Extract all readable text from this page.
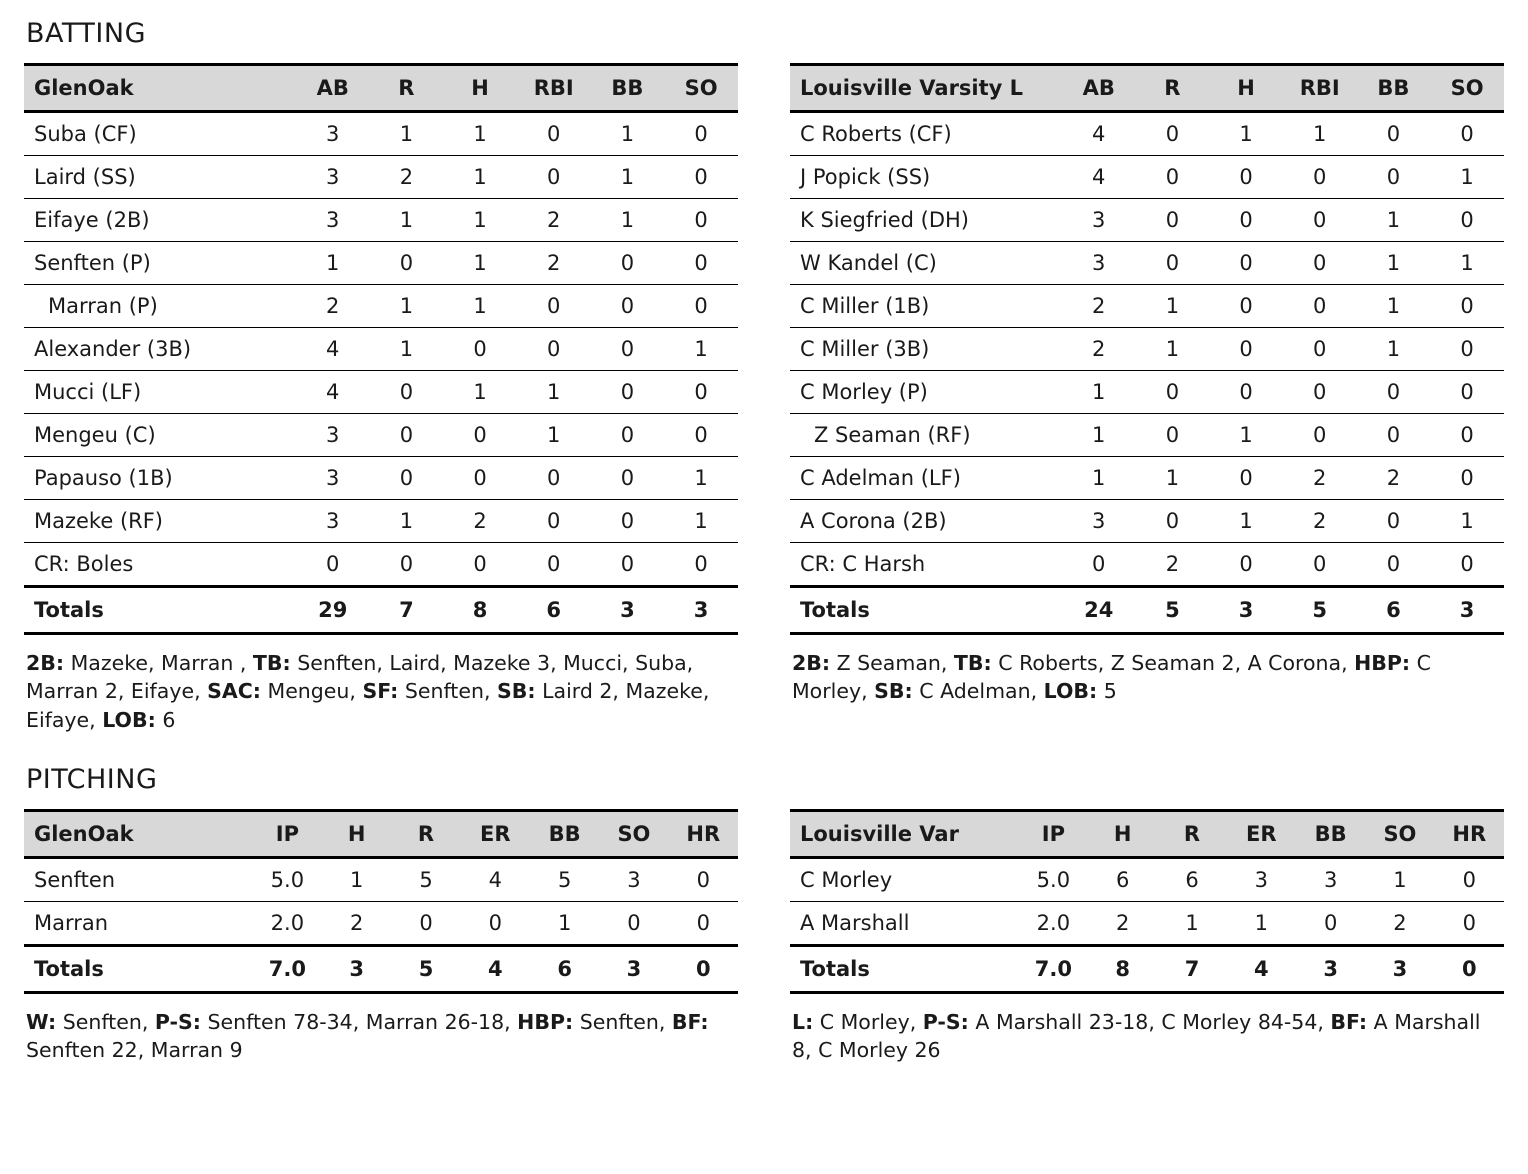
BATTING
GlenOak	AB	R	H	RBI	BB	SO
Suba (CF)	3	1	1	0	1	0
Laird (SS)	3	2	1	0	1	0
Eifaye (2B)	3	1	1	2	1	0
Senften (P)	1	0	1	2	0	0
Marran (P)	2	1	1	0	0	0
Alexander (3B)	4	1	0	0	0	1
Mucci (LF)	4	0	1	1	0	0
Mengeu (C)	3	0	0	1	0	0
Papauso (1B)	3	0	0	0	0	1
Mazeke (RF)	3	1	2	0	0	1
CR: Boles	0	0	0	0	0	0
Totals	29	7	8	6	3	3
2B: Mazeke, Marran , TB: Senften, Laird, Mazeke 3, Mucci, Suba, Marran 2, Eifaye, SAC: Mengeu, SF: Senften, SB: Laird 2, Mazeke, Eifaye, LOB: 6
Louisville Varsity L	AB	R	H	RBI	BB	SO
C Roberts (CF)	4	0	1	1	0	0
J Popick (SS)	4	0	0	0	0	1
K Siegfried (DH)	3	0	0	0	1	0
W Kandel (C)	3	0	0	0	1	1
C Miller (1B)	2	1	0	0	1	0
C Miller (3B)	2	1	0	0	1	0
C Morley (P)	1	0	0	0	0	0
Z Seaman (RF)	1	0	1	0	0	0
C Adelman (LF)	1	1	0	2	2	0
A Corona (2B)	3	0	1	2	0	1
CR: C Harsh	0	2	0	0	0	0
Totals	24	5	3	5	6	3
2B: Z Seaman, TB: C Roberts, Z Seaman 2, A Corona, HBP: C Morley, SB: C Adelman, LOB: 5
PITCHING
GlenOak	IP	H	R	ER	BB	SO	HR
Senften	5.0	1	5	4	5	3	0
Marran	2.0	2	0	0	1	0	0
Totals	7.0	3	5	4	6	3	0
W: Senften, P-S: Senften 78-34, Marran 26-18, HBP: Senften, BF: Senften 22, Marran 9
Louisville Var	IP	H	R	ER	BB	SO	HR
C Morley	5.0	6	6	3	3	1	0
A Marshall	2.0	2	1	1	0	2	0
Totals	7.0	8	7	4	3	3	0
L: C Morley, P-S: A Marshall 23-18, C Morley 84-54, BF: A Marshall 8, C Morley 26
